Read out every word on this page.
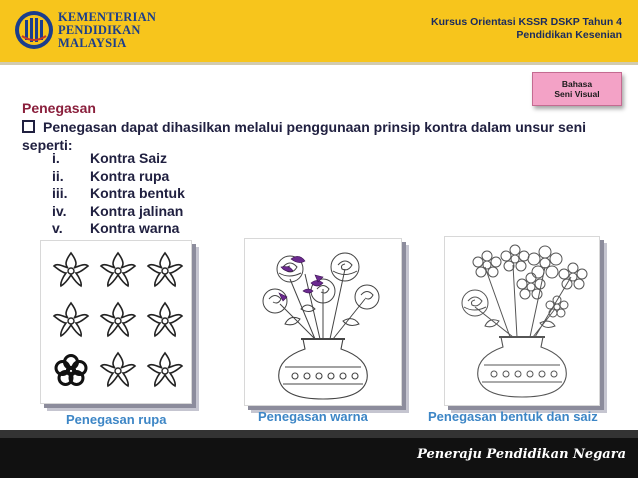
KEMENTERIAN
PENDIDIKAN
MALAYSIA
Kursus Orientasi KSSR DSKP Tahun 4
Pendidikan Kesenian
Bahasa
Seni Visual
Penegasan
Penegasan dapat dihasilkan melalui penggunaan prinsip kontra dalam unsur seni seperti:
i. Kontra Saiz
ii. Kontra rupa
iii. Kontra bentuk
iv. Kontra jalinan
v. Kontra warna
Penegasan rupa	Penegasan warna	Penegasan bentuk dan saiz
Peneraju Pendidikan Negara
